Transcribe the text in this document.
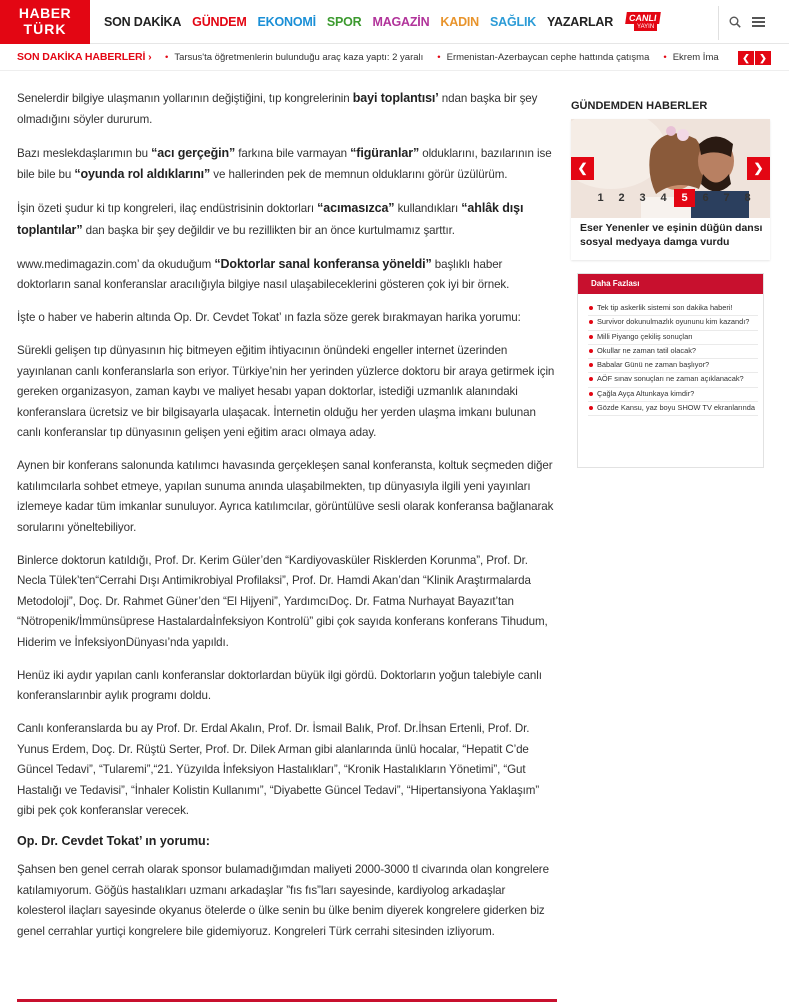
HABER
TÜRK	SON DAKİKA GÜNDEM EKONOMİ SPOR MAGAZİN KADIN SAĞLIK YAZARLAR	CANLI
YAYIN
SON DAKİKA HABERLERİ ›	• Tarsus'ta öğretmenlerin bulunduğu araç kaza yaptı: 2 yaralı • Ermenistan-Azerbaycan cephe hattında çatışma • Ekrem İma	❮	❯

Senelerdir bilgiye ulaşmanın yollarının değiştiğini, tıp kongrelerinin bayi toplantısı’ ndan başka bir şey olmadığını söyler dururum.

Bazı meslekdaşlarımın bu “acı gerçeğin” farkına bile varmayan “figüranlar” olduklarını, bazılarının ise bile bile bu “oyunda rol aldıklarını” ve hallerinden pek de memnun olduklarını görür üzülürüm.

İşin özeti şudur ki tıp kongreleri, ilaç endüstrisinin doktorları “acımasızca” kullandıkları “ahlâk dışı toplantılar” dan başka bir şey değildir ve bu rezillikten bir an önce kurtulmamız şarttır.

www.medimagazin.com’ da okuduğum “Doktorlar sanal konferansa yöneldi” başlıklı haber doktorların sanal konferanslar aracılığıyla bilgiye nasıl ulaşabileceklerini gösteren çok iyi bir örnek.

İşte o haber ve haberin altında Op. Dr. Cevdet Tokat’ ın fazla söze gerek bırakmayan harika yorumu:

Sürekli gelişen tıp dünyasının hiç bitmeyen eğitim ihtiyacının önündeki engeller internet üzerinden yayınlanan canlı konferanslarla son eriyor. Türkiye’nin her yerinden yüzlerce doktoru bir araya getirmek için gereken organizasyon, zaman kaybı ve maliyet hesabı yapan doktorlar, istediği uzmanlık alanındaki konferanslara ücretsiz ve bir bilgisayarla ulaşacak. İnternetin olduğu her yerden ulaşma imkanı bulunan canlı konferanslar tıp dünyasının gelişen yeni eğitim aracı olmaya aday.

Aynen bir konferans salonunda katılımcı havasında gerçekleşen sanal konferansta, koltuk seçmeden diğer katılımcılarla sohbet etmeye, yapılan sunuma anında ulaşabilmekten, tıp dünyasıyla ilgili yeni yayınları izlemeye kadar tüm imkanlar sunuluyor. Ayrıca katılımcılar, görüntülüve sesli olarak konferansa bağlanarak sorularını yöneltebiliyor.

Binlerce doktorun katıldığı, Prof. Dr. Kerim Güler’den “Kardiyovasküler Risklerden Korunma”, Prof. Dr. Necla Tülek’ten“Cerrahi Dışı Antimikrobiyal Profilaksi”, Prof. Dr. Hamdi Akan’dan “Klinik Araştırmalarda Metodoloji”, Doç. Dr. Rahmet Güner’den “El Hijyeni”, YardımcıDoç. Dr. Fatma Nurhayat Bayazıt’tan “Nötropenik/İmmünsüprese Hastalardaİnfeksiyon Kontrolü” gibi çok sayıda konferans konferans Tihudum, Hiderim ve İnfeksiyonDünyası’nda yapıldı.

Henüz iki aydır yapılan canlı konferanslar doktorlardan büyük ilgi gördü. Doktorların yoğun talebiyle canlı konferanslarınbir aylık programı doldu.

Canlı konferanslarda bu ay Prof. Dr. Erdal Akalın, Prof. Dr. İsmail Balık, Prof. Dr.İhsan Ertenli, Prof. Dr. Yunus Erdem, Doç. Dr. Rüştü Serter, Prof. Dr. Dilek Arman gibi alanlarında ünlü hocalar, “Hepatit C’de Güncel Tedavi”, “Tularemi”,“21. Yüzyılda İnfeksiyon Hastalıkları”, “Kronik Hastalıkların Yönetimi”, “Gut Hastalığı ve Tedavisi”, “İnhaler Kolistin Kullanımı”, “Diyabette Güncel Tedavi”, “Hipertansiyona Yaklaşım” gibi pek çok konferanslar verecek.

Op. Dr. Cevdet Tokat’ ın yorumu:

Şahsen ben genel cerrah olarak sponsor bulamadığımdan maliyeti 2000-3000 tl civarında olan kongrelere katılamıyorum. Göğüs hastalıkları uzmanı arkadaşlar ”fıs fıs”ları sayesinde, kardiyolog arkadaşlar kolesterol ilaçları sayesinde okyanus ötelerde o ülke senin bu ülke benim diyerek kongrelere giderken biz genel cerrahlar yurtiçi kongrelere bile gidemiyoruz. Kongreleri Türk cerrahi sitesinden izliyorum.

GÜNDEMDEN HABERLER
❮	❯
1	2	3	4	5	6	7	8
Eser Yenenler ve eşinin düğün dansı sosyal medyaya damga vurdu
Daha Fazlası
Tek tip askerlik sistemi son dakika haberi!
Survivor dokunulmazlık oyununu kim kazandı?
Milli Piyango çekiliş sonuçları
Okullar ne zaman tatil olacak?
Babalar Günü ne zaman başlıyor?
AÖF sınav sonuçları ne zaman açıklanacak?
Çağla Ayça Altunkaya kimdir?
Gözde Kansu, yaz boyu SHOW TV ekranlarında
